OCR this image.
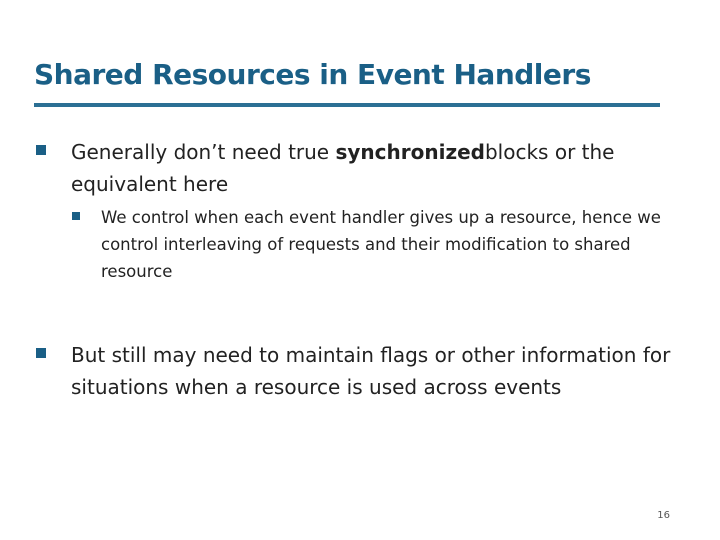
Shared Resources in Event Handlers
Generally don’t need true synchronizedblocks or the equivalent here
We control when each event handler gives up a resource, hence we control interleaving of requests and their modification to shared resource
But still may need to maintain flags or other information for situations when a resource is used across events
16
